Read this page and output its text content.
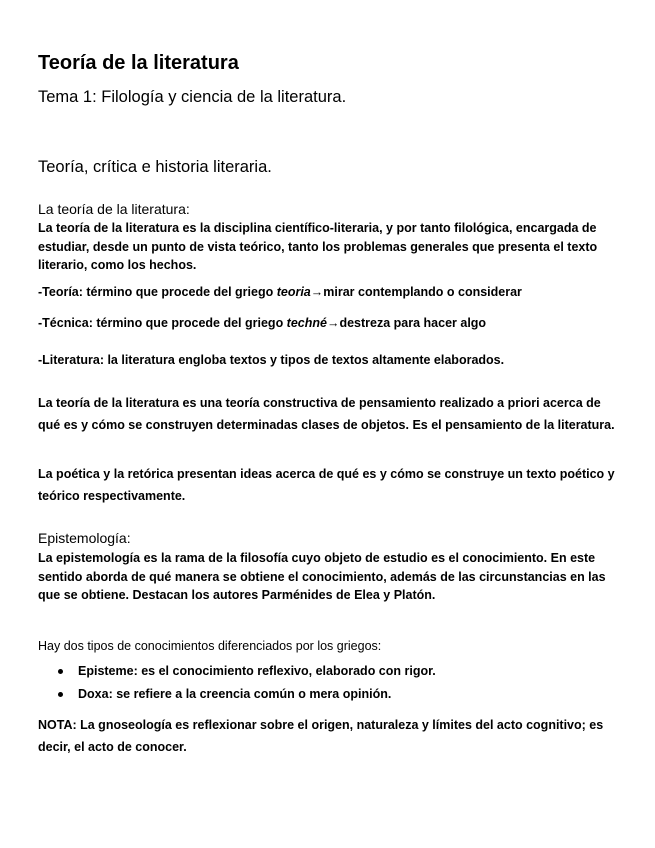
Teoría de la literatura
Tema 1: Filología y ciencia de la literatura.
Teoría, crítica e historia literaria.
La teoría de la literatura:
La teoría de la literatura es la disciplina científico-literaria, y por tanto filológica, encargada de estudiar, desde un punto de vista teórico, tanto los problemas generales que presenta el texto literario, como los hechos.
-Teoría: término que procede del griego teoria→mirar contemplando o considerar
-Técnica: término que procede del griego techné→destreza para hacer algo
-Literatura: la literatura engloba textos y tipos de textos altamente elaborados.
La teoría de la literatura es una teoría constructiva de pensamiento realizado a priori acerca de qué es y cómo se construyen determinadas clases de objetos. Es el pensamiento de la literatura.
La poética y la retórica presentan ideas acerca de qué es y cómo se construye un texto poético y teórico respectivamente.
Epistemología:
La epistemología es la rama de la filosofía cuyo objeto de estudio es el conocimiento. En este sentido aborda de qué manera se obtiene el conocimiento, además de las circunstancias en las que se obtiene. Destacan los autores Parménides de Elea y Platón.
Hay dos tipos de conocimientos diferenciados por los griegos:
Episteme: es el conocimiento reflexivo, elaborado con rigor.
Doxa: se refiere a la creencia común o mera opinión.
NOTA: La gnoseología es reflexionar sobre el origen, naturaleza y límites del acto cognitivo; es decir, el acto de conocer.
